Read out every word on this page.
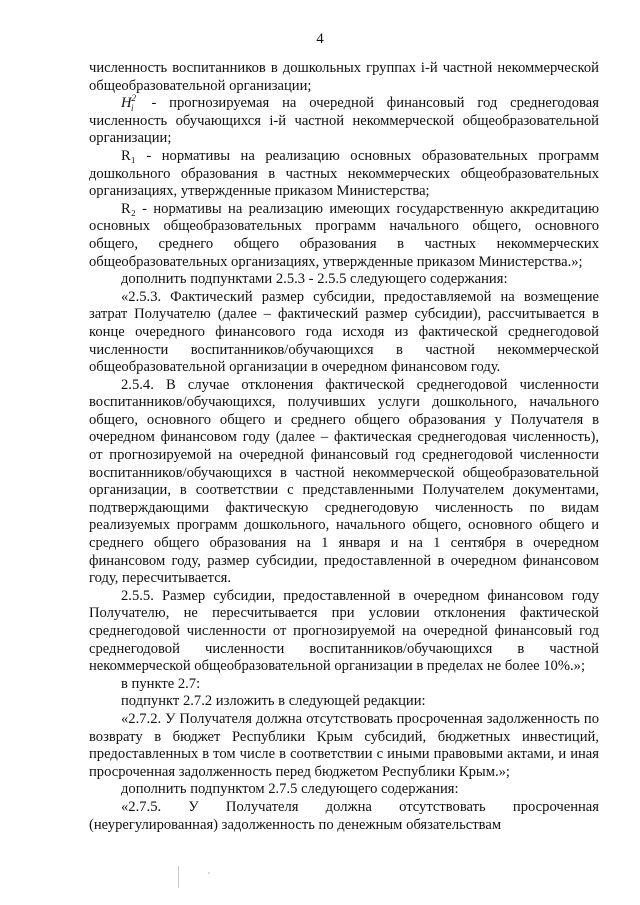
4

численность воспитанников в дошкольных группах i-й частной некоммерческой общеобразовательной организации;

$H^2_i$ - прогнозируемая на очередной финансовый год среднегодовая численность обучающихся i-й частной некоммерческой общеобразовательной организации;

R₁ - нормативы на реализацию основных образовательных программ дошкольного образования в частных некоммерческих общеобразовательных организациях, утвержденные приказом Министерства;

R₂ - нормативы на реализацию имеющих государственную аккредитацию основных общеобразовательных программ начального общего, основного общего, среднего общего образования в частных некоммерческих общеобразовательных организациях, утвержденные приказом Министерства.»;

дополнить подпунктами 2.5.3 - 2.5.5 следующего содержания:

«2.5.3. Фактический размер субсидии, предоставляемой на возмещение затрат Получателю (далее – фактический размер субсидии), рассчитывается в конце очередного финансового года исходя из фактической среднегодовой численности воспитанников/обучающихся в частной некоммерческой общеобразовательной организации в очередном финансовом году.

2.5.4. В случае отклонения фактической среднегодовой численности воспитанников/обучающихся, получивших услуги дошкольного, начального общего, основного общего и среднего общего образования у Получателя в очередном финансовом году (далее – фактическая среднегодовая численность), от прогнозируемой на очередной финансовый год среднегодовой численности воспитанников/обучающихся в частной некоммерческой общеобразовательной организации, в соответствии с представленными Получателем документами, подтверждающими фактическую среднегодовую численность по видам реализуемых программ дошкольного, начального общего, основного общего и среднего общего образования на 1 января и на 1 сентября в очередном финансовом году, размер субсидии, предоставленной в очередном финансовом году, пересчитывается.

2.5.5. Размер субсидии, предоставленной в очередном финансовом году Получателю, не пересчитывается при условии отклонения фактической среднегодовой численности от прогнозируемой на очередной финансовый год среднегодовой численности воспитанников/обучающихся в частной некоммерческой общеобразовательной организации в пределах не более 10%.»;

в пункте 2.7:

подпункт 2.7.2 изложить в следующей редакции:

«2.7.2. У Получателя должна отсутствовать просроченная задолженность по возврату в бюджет Республики Крым субсидий, бюджетных инвестиций, предоставленных в том числе в соответствии с иными правовыми актами, и иная просроченная задолженность перед бюджетом Республики Крым.»;

дополнить подпунктом 2.7.5 следующего содержания:

«2.7.5. У Получателя должна отсутствовать просроченная (неурегулированная) задолженность по денежным обязательствам
